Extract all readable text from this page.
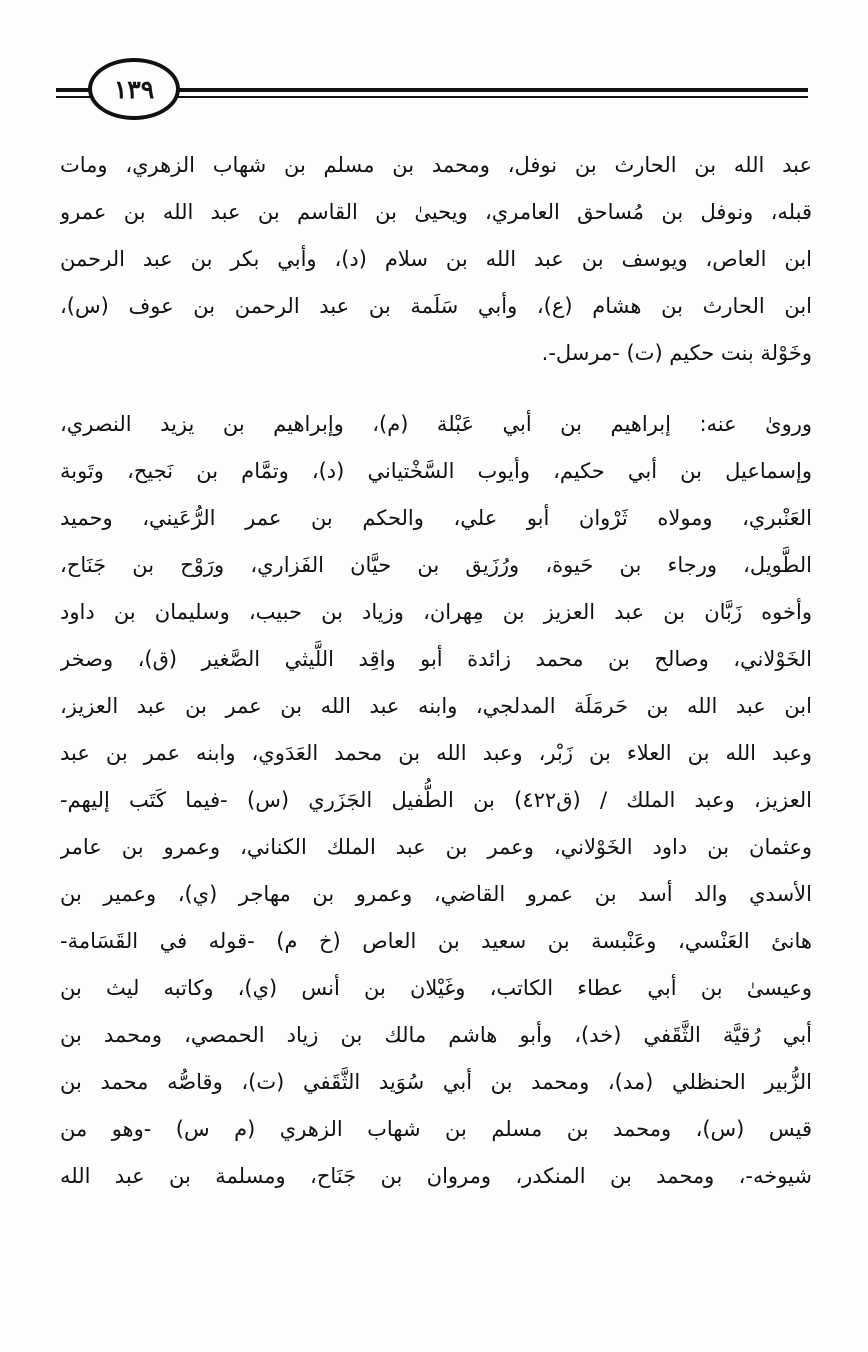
١٣٩
عبد الله بن الحارث بن نوفل، ومحمد بن مسلم بن شهاب الزهري، ومات
قبله، ونوفل بن مُساحق العامري، ويحيىٰ بن القاسم بن عبد الله بن عمرو
ابن العاص، ويوسف بن عبد الله بن سلام (د)، وأبي بكر بن عبد الرحمن
ابن الحارث بن هشام (ع)، وأبي سَلَمة بن عبد الرحمن بن عوف (س)،
وخَوْلة بنت حكيم (ت) -مرسل-.
وروىٰ عنه: إبراهيم بن أبي عَبْلة (م)، وإبراهيم بن يزيد النصري،
وإسماعيل بن أبي حكيم، وأيوب السَّخْتياني (د)، وتمَّام بن نَجيح، وتَوبة
العَنْبري، ومولاه ثَرْوان أبو علي، والحكم بن عمر الرُّعَيني، وحميد
الطَّويل، ورجاء بن حَيوة، ورُزَيق بن حيَّان الفَزاري، ورَوْح بن جَنَاح،
وأخوه زَبَّان بن عبد العزيز بن مِهران، وزياد بن حبيب، وسليمان بن داود
الخَوْلاني، وصالح بن محمد زائدة أبو واقِد اللَّيثي الصَّغير (ق)، وصخر
ابن عبد الله بن حَرمَلَة المدلجي، وابنه عبد الله بن عمر بن عبد العزيز،
وعبد الله بن العلاء بن زَبْر، وعبد الله بن محمد العَدَوي، وابنه عمر بن عبد
العزيز، وعبد الملك / (ق٤٢٢) بن الطُّفيل الجَزَري (س) -فيما كَتَب إليهم-
وعثمان بن داود الخَوْلاني، وعمر بن عبد الملك الكناني، وعمرو بن عامر
الأسدي والد أسد بن عمرو القاضي، وعمرو بن مهاجر (ي)، وعمير بن
هانئ العَنْسي، وعَنْبسة بن سعيد بن العاص (خ م) -قوله في القَسَامة-
وعيسىٰ بن أبي عطاء الكاتب، وغَيْلان بن أنس (ي)، وكاتبه ليث بن
أبي رُقيَّة الثَّقَفي (خد)، وأبو هاشم مالك بن زياد الحمصي، ومحمد بن
الزُّبير الحنظلي (مد)، ومحمد بن أبي سُوَيد الثَّقَفي (ت)، وقاصُّه محمد بن
قيس (س)، ومحمد بن مسلم بن شهاب الزهري (م س) -وهو من
شيوخه-، ومحمد بن المنكدر، ومروان بن جَنَاح، ومسلمة بن عبد الله
